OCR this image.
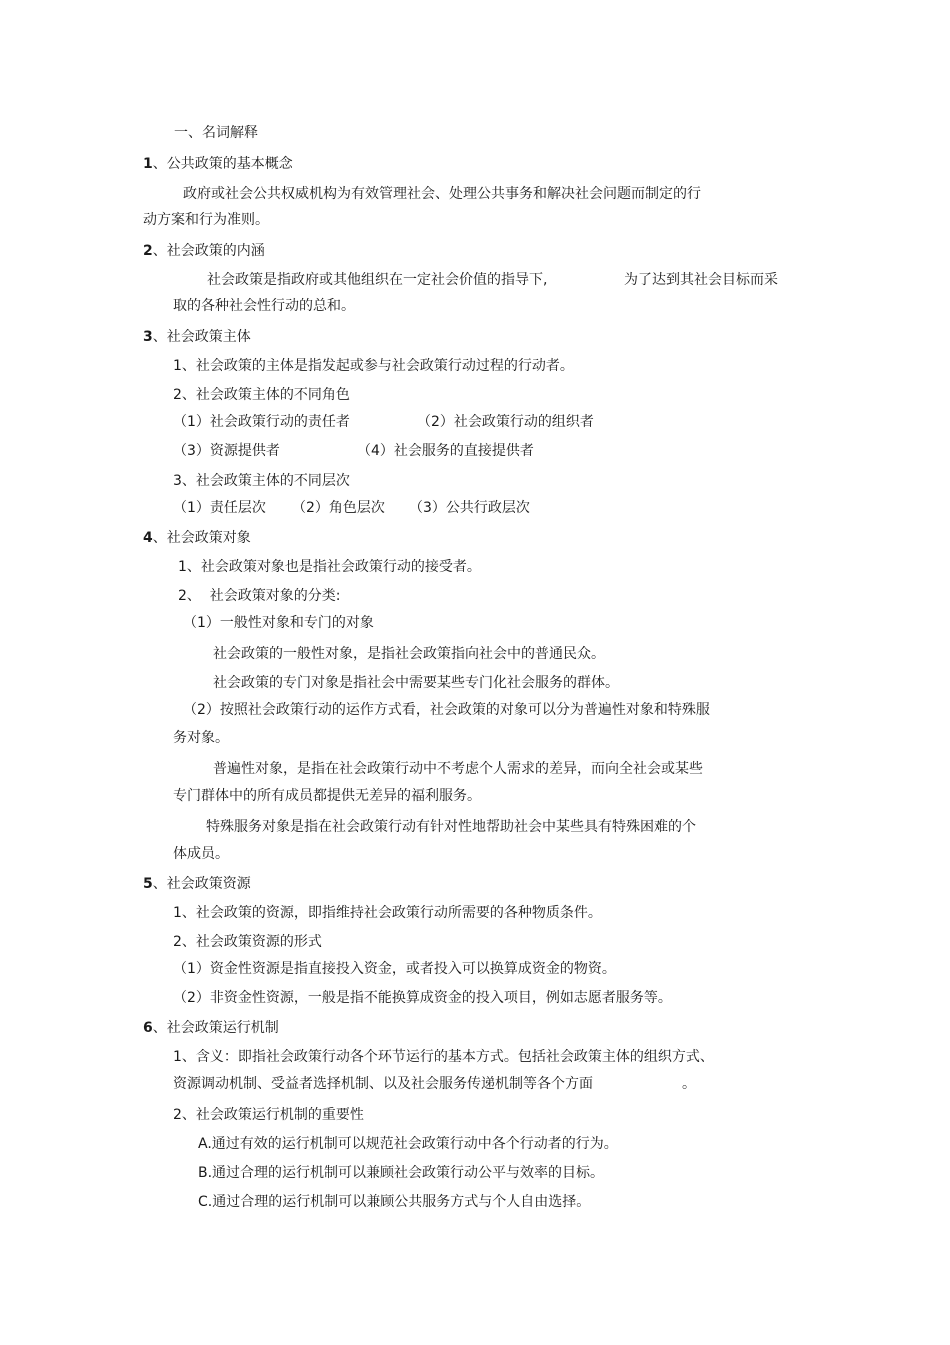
一、名词解释
1、公共政策的基本概念
政府或社会公共权威机构为有效管理社会、处理公共事务和解决社会问题而制定的行
动方案和行为准则。
2、社会政策的内涵
社会政策是指政府或其他组织在一定社会价值的指导下,	为了达到其社会目标而采
取的各种社会性行动的总和。
3、社会政策主体
1、社会政策的主体是指发起或参与社会政策行动过程的行动者。
2、社会政策主体的不同角色
（1）社会政策行动的责任者	（2）社会政策行动的组织者
（3）资源提供者	（4）社会服务的直接提供者
3、社会政策主体的不同层次
（1）责任层次 （2）角色层次 （3）公共行政层次
4、社会政策对象
1、社会政策对象也是指社会政策行动的接受者。
2、  社会政策对象的分类:
（1）一般性对象和专门的对象
社会政策的一般性对象，是指社会政策指向社会中的普通民众。
社会政策的专门对象是指社会中需要某些专门化社会服务的群体。
（2）按照社会政策行动的运作方式看，社会政策的对象可以分为普遍性对象和特殊服
务对象。
普遍性对象，是指在社会政策行动中不考虑个人需求的差异，而向全社会或某些
专门群体中的所有成员都提供无差异的福利服务。
特殊服务对象是指在社会政策行动有针对性地帮助社会中某些具有特殊困难的个
体成员。
5、社会政策资源
1、社会政策的资源，即指维持社会政策行动所需要的各种物质条件。
2、社会政策资源的形式
（1）资金性资源是指直接投入资金，或者投入可以换算成资金的物资。
（2）非资金性资源，一般是指不能换算成资金的投入项目，例如志愿者服务等。
6、社会政策运行机制
1、含义：即指社会政策行动各个环节运行的基本方式。包括社会政策主体的组织方式、
资源调动机制、受益者选择机制、以及社会服务传递机制等各个方面	。
2、社会政策运行机制的重要性
A.通过有效的运行机制可以规范社会政策行动中各个行动者的行为。
B.通过合理的运行机制可以兼顾社会政策行动公平与效率的目标。
C.通过合理的运行机制可以兼顾公共服务方式与个人自由选择。
